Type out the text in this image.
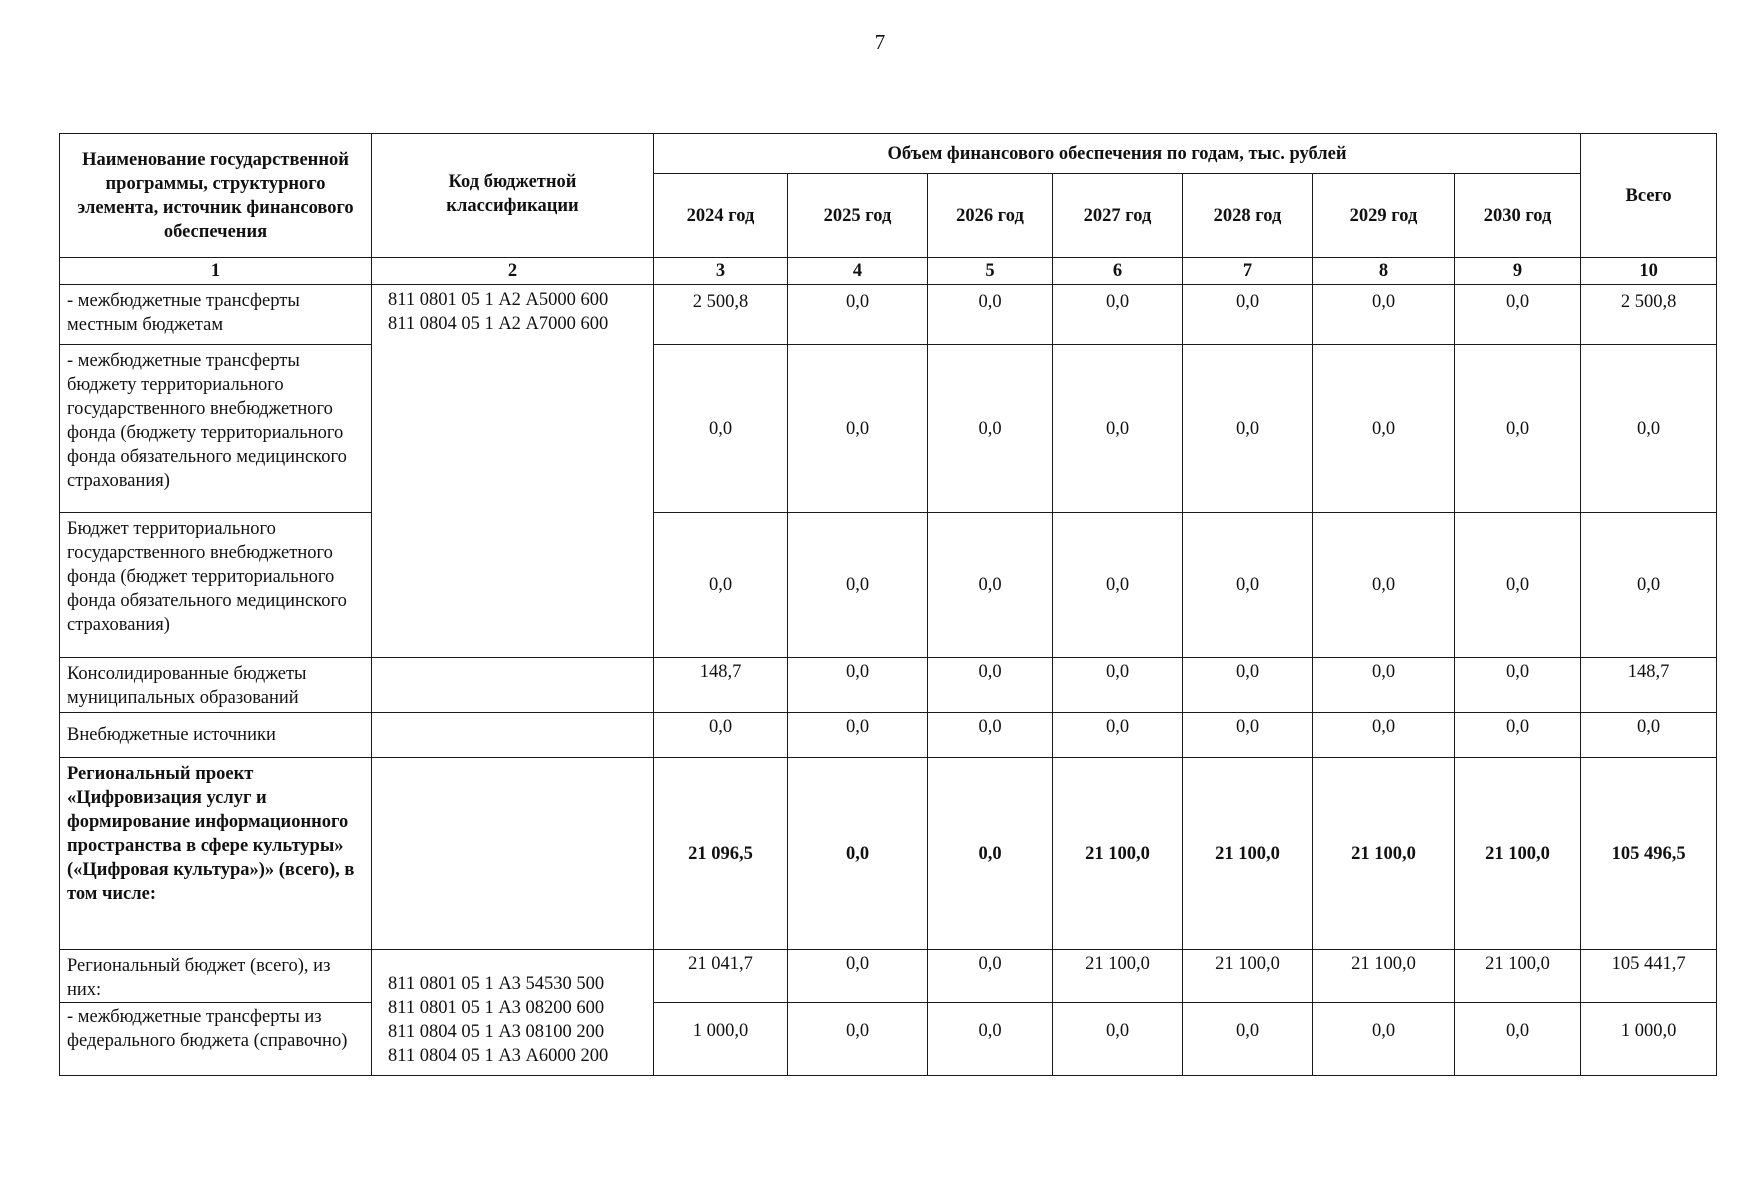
7
Наименование государственной программы, структурного элемента, источник финансового обеспечения	Код бюджетной классификации	Объем финансового обеспечения по годам, тыс. рублей							Всего
		2024 год	2025 год	2026 год	2027 год	2028 год	2029 год	2030 год	
1	2	3	4	5	6	7	8	9	10
- межбюджетные трансферты местным бюджетам	811 0801 05 1 А2 А5000 600
811 0804 05 1 А2 А7000 600	2 500,8	0,0	0,0	0,0	0,0	0,0	0,0	2 500,8
- межбюджетные трансферты бюджету территориального государственного внебюджетного фонда (бюджету территориального фонда обязательного медицинского страхования)		0,0	0,0	0,0	0,0	0,0	0,0	0,0	0,0
Бюджет территориального государственного внебюджетного фонда (бюджет территориального фонда обязательного медицинского страхования)		0,0	0,0	0,0	0,0	0,0	0,0	0,0	0,0
Консолидированные бюджеты муниципальных образований		148,7	0,0	0,0	0,0	0,0	0,0	0,0	148,7
Внебюджетные источники		0,0	0,0	0,0	0,0	0,0	0,0	0,0	0,0
Региональный проект «Цифровизация услуг и формирование информационного пространства в сфере культуры» («Цифровая культура»)» (всего), в том числе:		21 096,5	0,0	0,0	21 100,0	21 100,0	21 100,0	21 100,0	105 496,5
Региональный бюджет (всего), из них:	811 0801 05 1 А3 54530 500
811 0801 05 1 А3 08200 600
811 0804 05 1 А3 08100 200
811 0804 05 1 А3 А6000 200	21 041,7	0,0	0,0	21 100,0	21 100,0	21 100,0	21 100,0	105 441,7
- межбюджетные трансферты из федерального бюджета (справочно)		1 000,0	0,0	0,0	0,0	0,0	0,0	0,0	1 000,0
